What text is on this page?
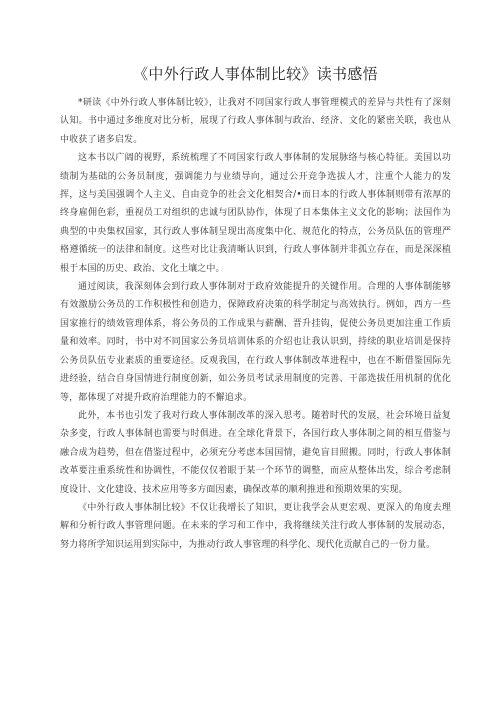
《中外行政人事体制比较》读书感悟

*研读《中外行政人事体制比较》，让我对不同国家行政人事管理模式的差异与共性有了深刻认知。书中通过多维度对比分析，展现了行政人事体制与政治、经济、文化的紧密关联，我也从中收获了诸多启发。

这本书以广阔的视野，系统梳理了不同国家行政人事体制的发展脉络与核心特征。美国以功绩制为基础的公务员制度，强调能力与业绩导向，通过公开竞争选拔人才，注重个人能力的发挥，这与美国强调个人主义、自由竞争的社会文化相契合/•而日本的行政人事体制则带有浓厚的终身雇佣色彩，重视员工对组织的忠诚与团队协作，体现了日本集体主义文化的影响；法国作为典型的中央集权国家，其行政人事体制呈现出高度集中化、规范化的特点，公务员队伍的管理严格遵循统一的法律和制度。这些对比让我清晰认识到，行政人事体制并非孤立存在，而是深深植根于本国的历史、政治、文化土壤之中。

通过阅读，我深刻体会到行政人事体制对于政府效能提升的关键作用。合理的人事体制能够有效激励公务员的工作积极性和创造力，保障政府决策的科学制定与高效执行。例如，西方一些国家推行的绩效管理体系，将公务员的工作成果与薪酬、晋升挂钩，促使公务员更加注重工作质量和效率。同时，书中对不同国家公务员培训体系的介绍也让我认识到，持续的职业培训是保持公务员队伍专业素质的重要途径。反观我国，在行政人事体制改革进程中，也在不断借鉴国际先进经验，结合自身国情进行制度创新，如公务员考试录用制度的完善、干部选拔任用机制的优化等，都体现了对提升政府治理能力的不懈追求。

此外，本书也引发了我对行政人事体制改革的深入思考。随着时代的发展，社会环境日益复杂多变，行政人事体制也需要与时俱进。在全球化背景下，各国行政人事体制之间的相互借鉴与融合成为趋势，但在借鉴过程中，必须充分考虑本国国情，避免盲目照搬。同时，行政人事体制改革要注重系统性和协调性，不能仅仅着眼于某一个环节的调整，而应从整体出发，综合考虑制度设计、文化建设、技术应用等多方面因素，确保改革的顺利推进和预期效果的实现。

《中外行政人事体制比较》不仅让我增长了知识，更让我学会从更宏观、更深入的角度去理解和分析行政人事管理问题。在未来的学习和工作中，我将继续关注行政人事体制的发展动态，努力将所学知识运用到实际中，为推动行政人事管理的科学化、现代化贡献自己的一份力量。
